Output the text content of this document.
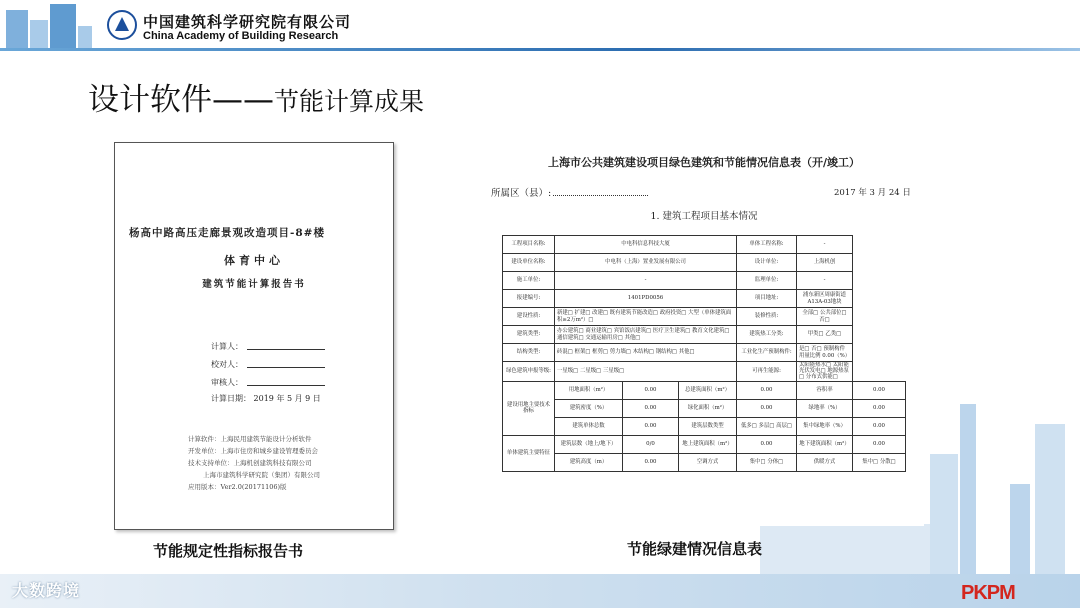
中国建筑科学研究院有限公司
China Academy of Building Research
设计软件——节能计算成果
杨高中路高压走廊景观改造项目-8#楼
体育中心
建筑节能计算报告书
计算人：
校对人：
审核人：
计算日期： 2019 年 5 月 9 日
计算软件：上海民用建筑节能设计分析软件
开发单位：上海市住房和城乡建设管理委员会
技术支持单位：上海机创建筑科技有限公司
上海市建筑科学研究院（集团）有限公司
应用版本：Ver2.0(20171106)版
节能规定性指标报告书
上海市公共建筑建设项目绿色建筑和节能情况信息表（开/竣工）
所属区（县）:	2017 年 3 月 24 日
1. 建筑工程项目基本情况
工程项目名称:	中电科信息科技大厦			单体工程名称:	-	
建设单位名称:	中电科（上海）置业发展有限公司			设计单位:	上海机创	
施工单位:	-			监理单位:	-	
报建编号:	1401PD0056			项目地址:	浦东新区周康街道A13A-03地块	
建设性质:	新建□ 扩建□ 改建□ 既有建筑节能改造□ 政府投资□ 大型（单体建筑面积≥2万m²）□			装修性质:	全部□ 公共部位□ 否□	
建筑类型:	办公建筑□ 商业建筑□ 宾馆饭店建筑□ 医疗卫生建筑□ 教育文化建筑□ 通信建筑□ 交通运输用房□ 其他□			建筑热工分类:	甲类□ 乙类□	
结构类型:	砖混□ 框架□ 框剪□ 剪力墙□ 木结构□ 钢结构□ 其他□			工业化生产预制构件:	是□ 否□ 预制构件用量比例 0.00（%）	
绿色建筑申报等级:	一星级□ 二星级□ 三星级□			可再生能源:	太阳能热水□ 太阳能光伏发电□ 地源热泵□ 分布式供能□	
建设用地主要技术指标	用地面积（m²）	0.00	总建筑面积（m²）	0.00	容积率	0.00
	建筑密度（%）	0.00	绿化面积（m²）	0.00	绿地率（%）	0.00
	建筑单体总数	0.00	建筑层数类型	低多□ 多层□ 高层□	集中绿地率（%）	0.00
单体建筑主要特征	建筑层数（地上/地下）	0/0	地上建筑面积（m²）	0.00	地下建筑面积（m²）	0.00
	建筑高度（m）	0.00	空调方式	集中□ 分体□	供暖方式	集中□ 分散□
节能绿建情况信息表
大数跨境	PKPM
